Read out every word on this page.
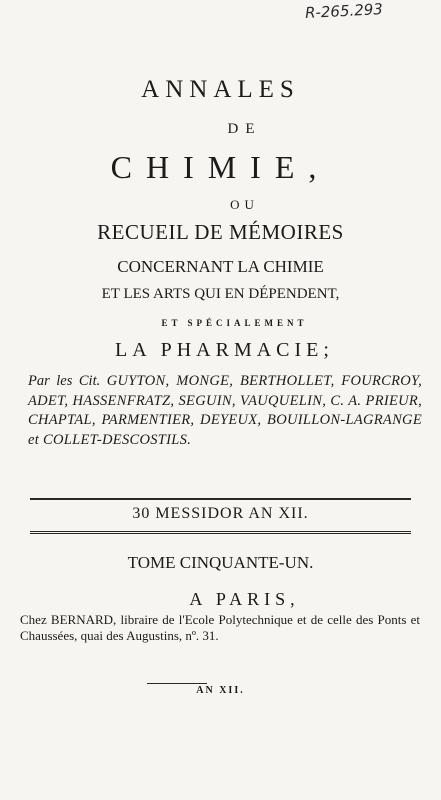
R-265.293
ANNALES
DE
CHIMIE,
OU
RECUEIL DE MÉMOIRES
CONCERNANT LA CHIMIE
ET LES ARTS QUI EN DÉPENDENT,
ET SPÉCIALEMENT
LA PHARMACIE;
Par les Cit. GUYTON, MONGE, BERTHOLLET, FOURCROY, ADET, HASSENFRATZ, SEGUIN, VAUQUELIN, C. A. PRIEUR, CHAPTAL, PARMENTIER, DEYEUX, BOUILLON-LAGRANGE et COLLET-DESCOSTILS.
30 MESSIDOR AN XII.
TOME CINQUANTE-UN.
A PARIS,
Chez BERNARD, libraire de l'Ecole Polytechnique et de celle des Ponts et Chaussées, quai des Augustins, nº. 31.
AN XII.
